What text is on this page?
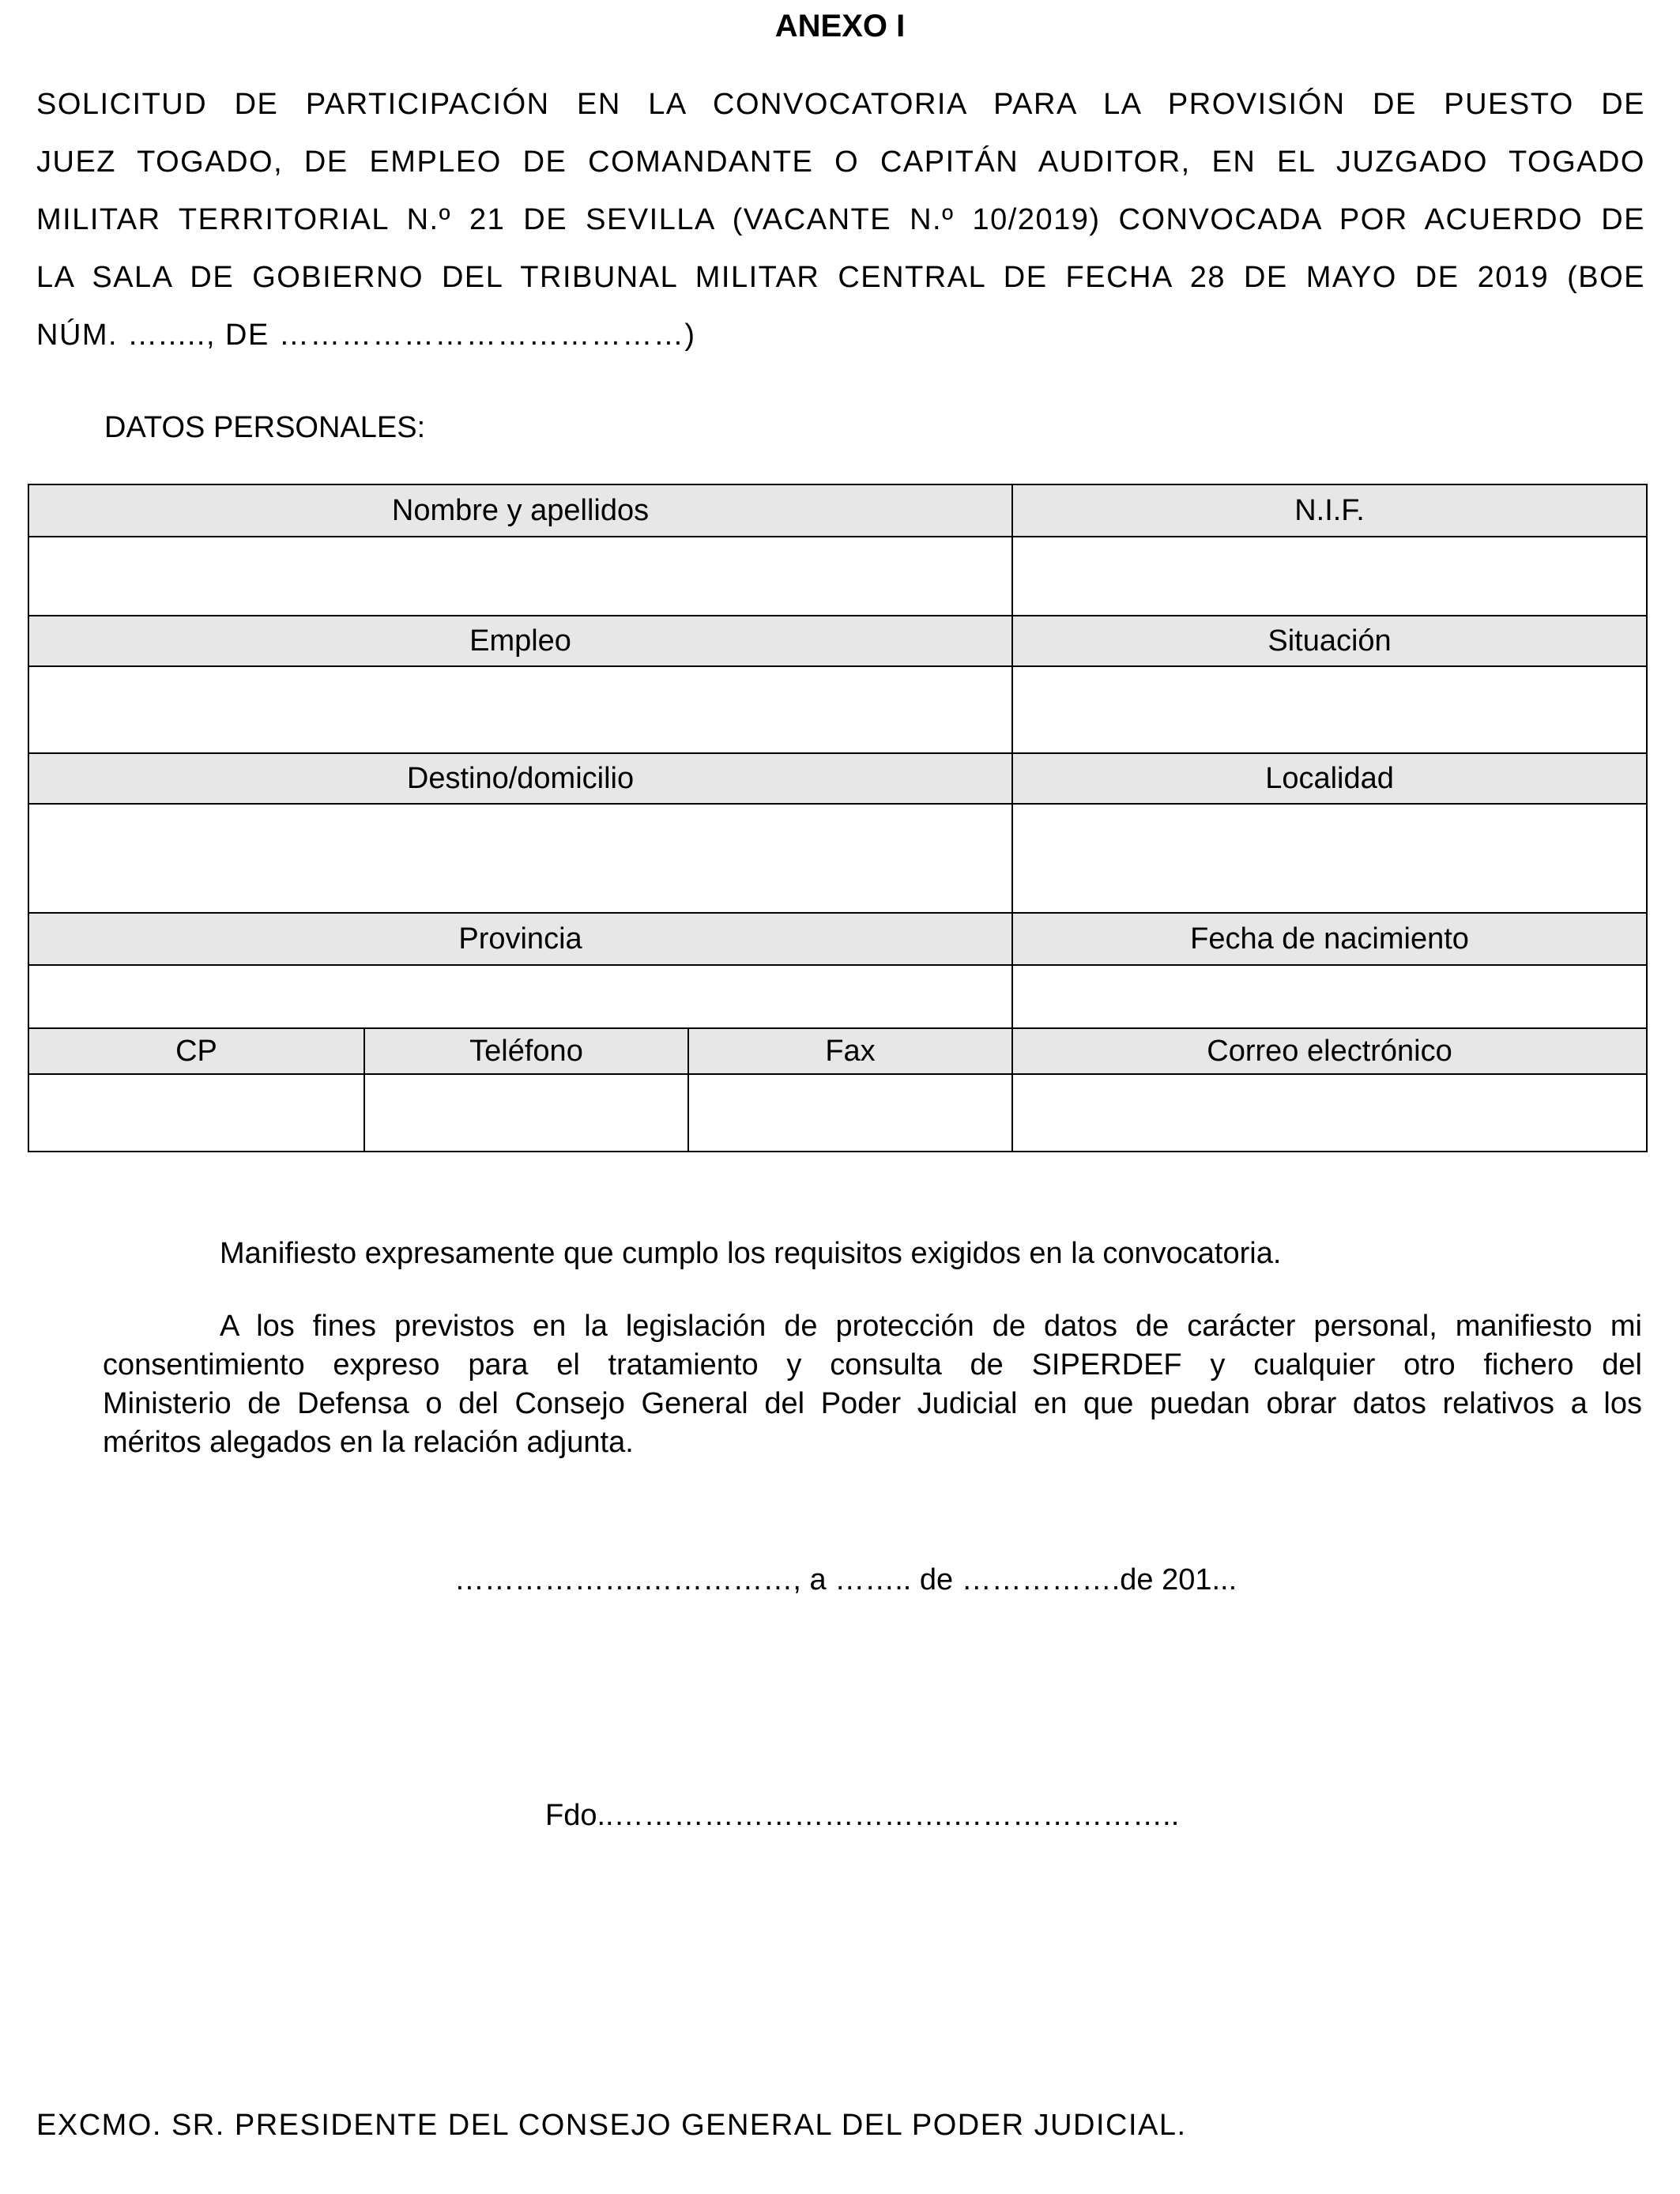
ANEXO I
SOLICITUD DE PARTICIPACIÓN EN LA CONVOCATORIA PARA LA PROVISIÓN DE PUESTO DE
JUEZ TOGADO, DE EMPLEO DE COMANDANTE O CAPITÁN AUDITOR, EN EL JUZGADO TOGADO
MILITAR TERRITORIAL N.º 21 DE SEVILLA (VACANTE N.º 10/2019) CONVOCADA POR ACUERDO DE
LA SALA DE GOBIERNO DEL TRIBUNAL MILITAR CENTRAL DE FECHA 28 DE MAYO DE 2019 (BOE
NÚM. …....., DE …………………………………)
DATOS PERSONALES:
Nombre y apellidos			N.I.F.

Empleo			Situación

Destino/domicilio			Localidad

Provincia			Fecha de nacimiento

CP	Teléfono	Fax	Correo electrónico

Manifiesto expresamente que cumplo los requisitos exigidos en la convocatoria.
A los fines previstos en la legislación de protección de datos de carácter personal, manifiesto mi
consentimiento expreso para el tratamiento y consulta de SIPERDEF y cualquier otro fichero del
Ministerio de Defensa o del Consejo General del Poder Judicial en que puedan obrar datos relativos a los
méritos alegados en la relación adjunta.
……………….……………, a …….. de …………….de 201...
Fdo..…………………………….…………………..
EXCMO. SR. PRESIDENTE DEL CONSEJO GENERAL DEL PODER JUDICIAL.
